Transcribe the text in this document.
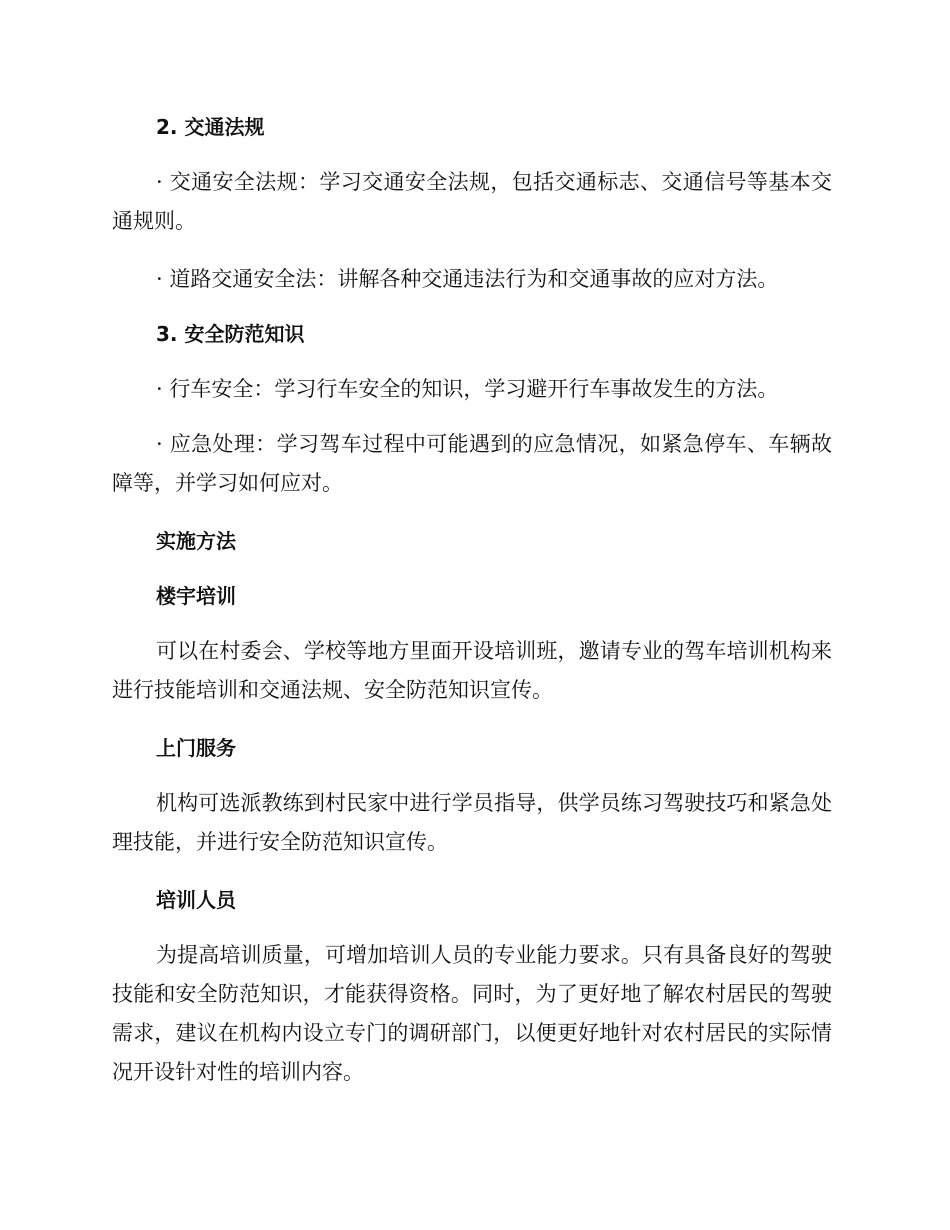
2. 交通法规

· 交通安全法规：学习交通安全法规，包括交通标志、交通信号等基本交通规则。

· 道路交通安全法：讲解各种交通违法行为和交通事故的应对方法。

3. 安全防范知识

· 行车安全：学习行车安全的知识，学习避开行车事故发生的方法。

· 应急处理：学习驾车过程中可能遇到的应急情况，如紧急停车、车辆故障等，并学习如何应对。

实施方法

楼宇培训

可以在村委会、学校等地方里面开设培训班，邀请专业的驾车培训机构来进行技能培训和交通法规、安全防范知识宣传。

上门服务

机构可选派教练到村民家中进行学员指导，供学员练习驾驶技巧和紧急处理技能，并进行安全防范知识宣传。

培训人员

为提高培训质量，可增加培训人员的专业能力要求。只有具备良好的驾驶技能和安全防范知识，才能获得资格。同时，为了更好地了解农村居民的驾驶需求，建议在机构内设立专门的调研部门，以便更好地针对农村居民的实际情况开设针对性的培训内容。
